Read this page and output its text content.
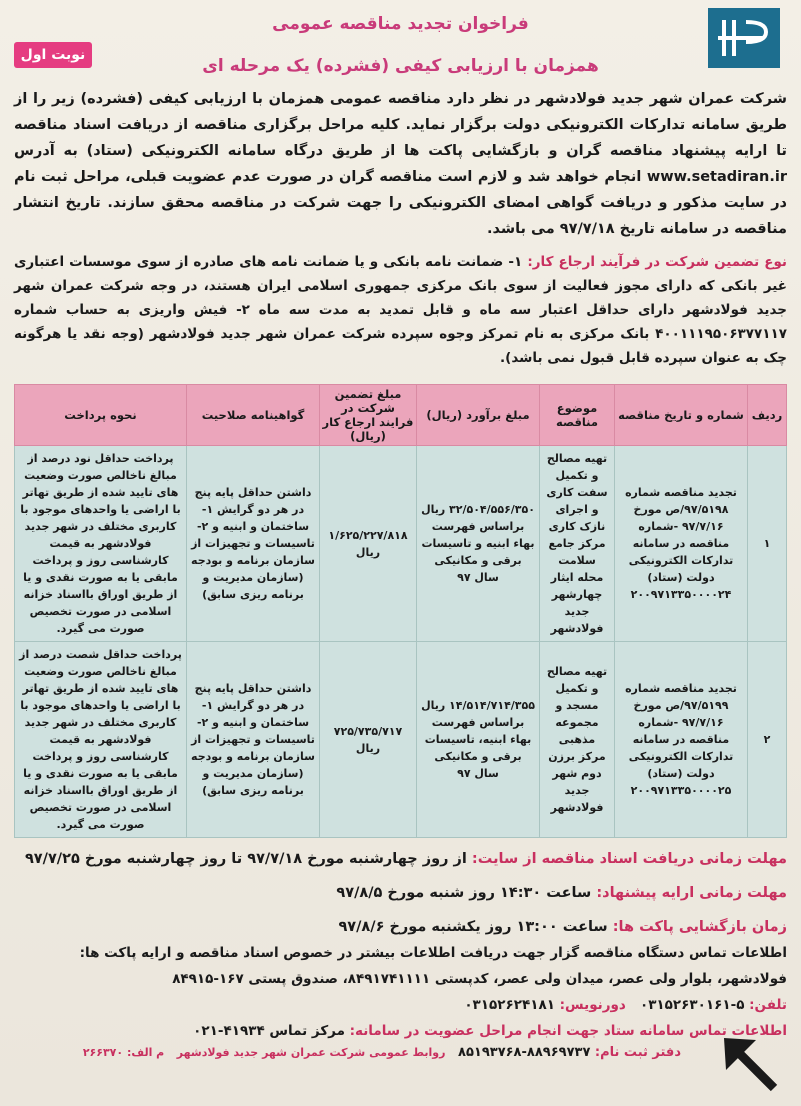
نوبت اول
فراخوان تجدید مناقصه عمومی
همزمان با ارزیابی کیفی (فشرده) یک مرحله ای
شرکت عمران شهر جدید فولادشهر در نظر دارد مناقصه عمومی همزمان با ارزیابی کیفی (فشرده) زیر را از طریق سامانه تدارکات الکترونیکی دولت برگزار نماید. کلیه مراحل برگزاری مناقصه از دریافت اسناد مناقصه تا ارایه پیشنهاد مناقصه گران و بازگشایی پاکت ها از طریق درگاه سامانه الکترونیکی (ستاد) به آدرس www.setadiran.ir انجام خواهد شد و لازم است مناقصه گران در صورت عدم عضویت قبلی، مراحل ثبت نام در سایت مذکور و دریافت گواهی امضای الکترونیکی را جهت شرکت در مناقصه محقق سازند. تاریخ انتشار مناقصه در سامانه تاریخ ۹۷/۷/۱۸ می باشد.
نوع تضمین شرکت در فرآیند ارجاع کار: ۱- ضمانت نامه بانکی و یا ضمانت نامه های صادره از سوی موسسات اعتباری غیر بانکی که دارای مجوز فعالیت از سوی بانک مرکزی جمهوری اسلامی ایران هستند، در وجه شرکت عمران شهر جدید فولادشهر دارای حداقل اعتبار سه ماه و قابل تمدید به مدت سه ماه ۲- فیش واریزی به حساب شماره ۴۰۰۱۱۱۹۵۰۶۳۷۷۱۱۷ بانک مرکزی به نام تمرکز وجوه سپرده شرکت عمران شهر جدید فولادشهر (وجه نقد یا هرگونه چک به عنوان سپرده قابل قبول نمی باشد).
ردیف	شماره و تاریخ مناقصه	موضوع مناقصه	مبلغ برآورد (ریال)	مبلغ تضمین شرکت در فرایند ارجاع کار (ریال)	گواهینامه صلاحیت	نحوه پرداخت
۱	تجدید مناقصه شماره ۹۷/۵۱۹۸/ص مورخ ۹۷/۷/۱۶ -شماره مناقصه در سامانه تدارکات الکترونیکی دولت (ستاد) ۲۰۰۹۷۱۳۳۵۰۰۰۰۲۴	تهیه مصالح و تکمیل سفت کاری و اجرای نازک کاری مرکز جامع سلامت محله ایثار چهارشهر جدید فولادشهر	۳۲/۵۰۴/۵۵۶/۳۵۰ ریال براساس فهرست بهاء ابنیه و تاسیسات برقی و مکانیکی سال ۹۷	۱/۶۲۵/۲۲۷/۸۱۸ ریال	داشتن حداقل پایه پنج در هر دو گرایش ۱- ساختمان و ابنیه و ۲- تاسیسات و تجهیزات از سازمان برنامه و بودجه (سازمان مدیریت و برنامه ریزی سابق)	پرداخت حداقل نود درصد از مبالغ ناخالص صورت وضعیت های تایید شده از طریق تهاتر با اراضی یا واحدهای موجود با کاربری مختلف در شهر جدید فولادشهر به قیمت کارشناسی روز و پرداخت مابقی یا به صورت نقدی و یا از طریق اوراق بااسناد خزانه اسلامی در صورت تخصیص صورت می گیرد.
۲	تجدید مناقصه شماره ۹۷/۵۱۹۹/ص مورخ ۹۷/۷/۱۶ -شماره مناقصه در سامانه تدارکات الکترونیکی دولت (ستاد) ۲۰۰۹۷۱۳۳۵۰۰۰۰۲۵	تهیه مصالح و تکمیل مسجد و مجموعه مذهبی مرکز برزن دوم شهر جدید فولادشهر	۱۴/۵۱۴/۷۱۴/۳۵۵ ریال براساس فهرست بهاء ابنیه، تاسیسات برقی و مکانیکی سال ۹۷	۷۲۵/۷۳۵/۷۱۷ ریال	داشتن حداقل پایه پنج در هر دو گرایش ۱- ساختمان و ابنیه و ۲- تاسیسات و تجهیزات از سازمان برنامه و بودجه (سازمان مدیریت و برنامه ریزی سابق)	پرداخت حداقل شصت درصد از مبالغ ناخالص صورت وضعیت های تایید شده از طریق تهاتر با اراضی یا واحدهای موجود با کاربری مختلف در شهر جدید فولادشهر به قیمت کارشناسی روز و پرداخت مابقی یا به صورت نقدی و یا از طریق اوراق بااسناد خزانه اسلامی در صورت تخصیص صورت می گیرد.
مهلت زمانی دریافت اسناد مناقصه از سایت: از روز چهارشنبه مورخ ۹۷/۷/۱۸ تا روز چهارشنبه مورخ ۹۷/۷/۲۵
مهلت زمانی ارایه پیشنهاد: ساعت ۱۴:۳۰ روز شنبه مورخ ۹۷/۸/۵
زمان بازگشایی پاکت ها: ساعت ۱۳:۰۰ روز یکشنبه مورخ ۹۷/۸/۶
اطلاعات تماس دستگاه مناقصه گزار جهت دریافت اطلاعات بیشتر در خصوص اسناد مناقصه و ارایه پاکت ها:
فولادشهر، بلوار ولی عصر، میدان ولی عصر، کدپستی ۸۴۹۱۷۴۱۱۱۱، صندوق پستی ۱۶۷-۸۴۹۱۵
تلفن: ۵-۰۳۱۵۲۶۳۰۱۶۱   دورنویس: ۰۳۱۵۲۶۲۴۱۸۱
اطلاعات تماس سامانه ستاد جهت انجام مراحل عضویت در سامانه: مرکز تماس ۴۱۹۳۴-۰۲۱
دفتر ثبت نام: ۸۸۹۶۹۷۳۷-۸۵۱۹۳۷۶۸ روابط عمومی شرکت عمران شهر جدید فولادشهر م الف: ۲۶۶۳۷۰
